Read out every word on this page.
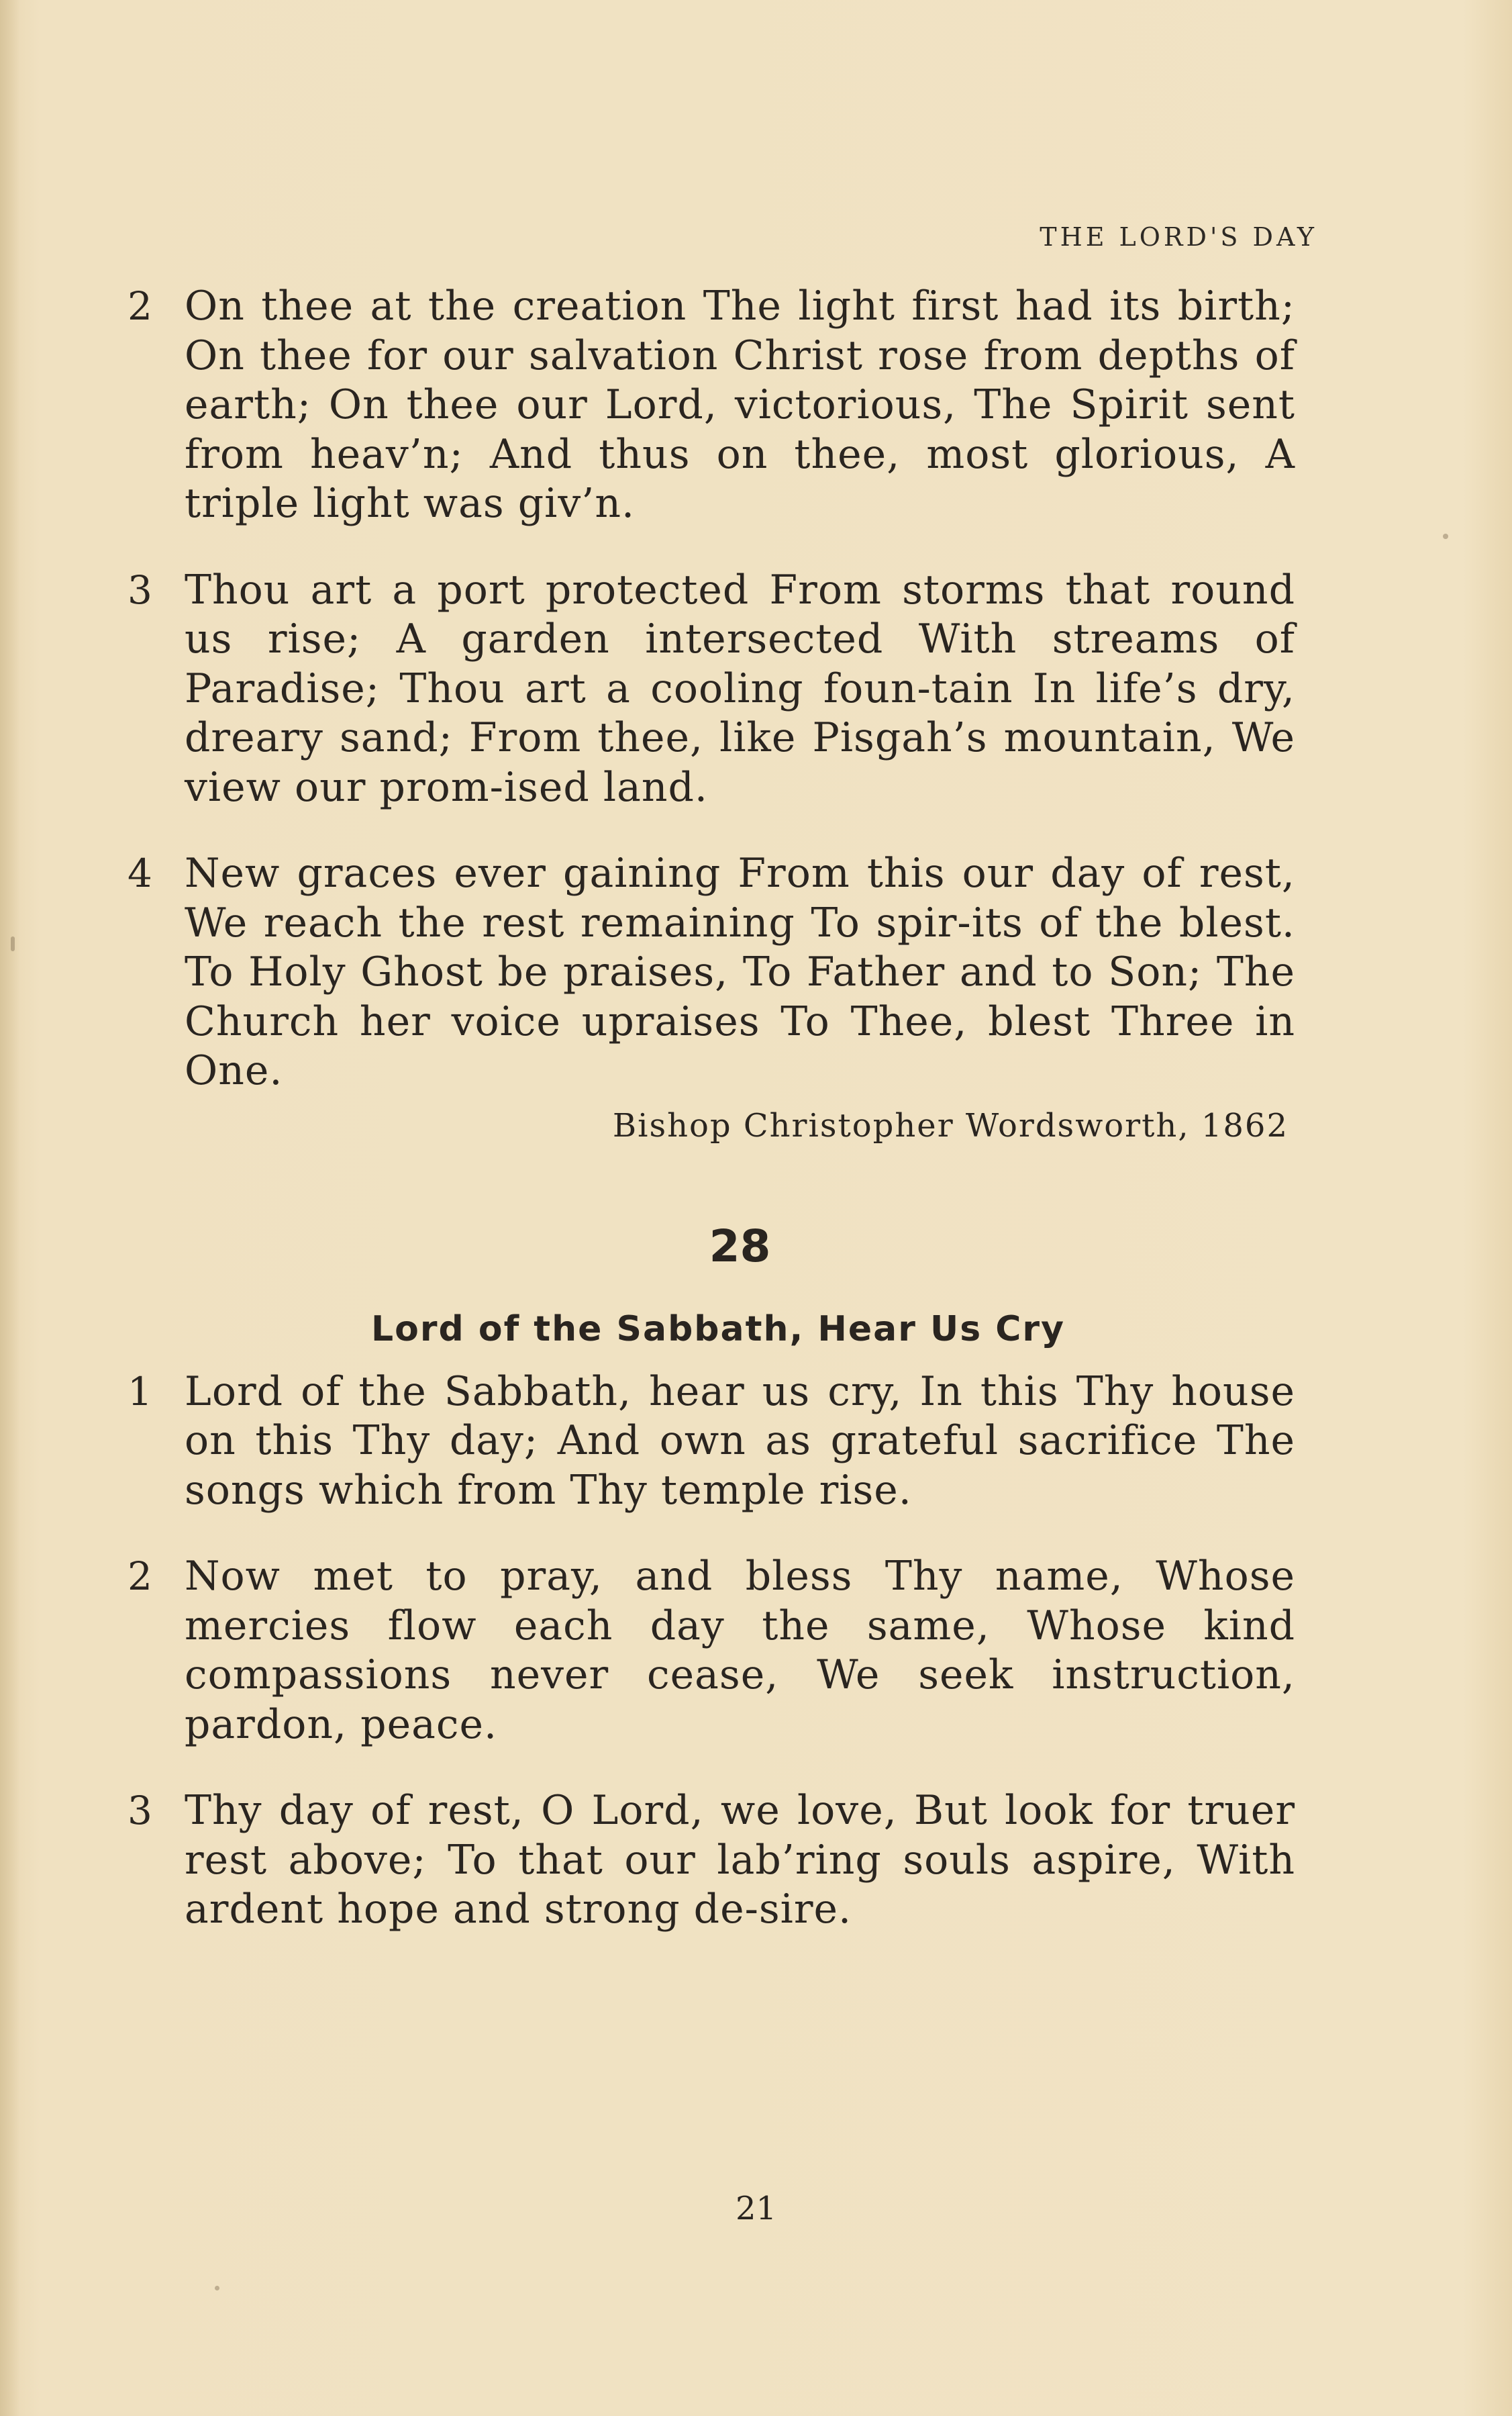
THE LORD'S DAY

2 On thee at the creation The light first had its birth; On thee for our salvation Christ rose from depths of earth; On thee our Lord, victorious, The Spirit sent from heav’n; And thus on thee, most glorious, A triple light was giv’n.

3 Thou art a port protected From storms that round us rise; A garden intersected With streams of Paradise; Thou art a cooling foun-tain In life’s dry, dreary sand; From thee, like Pisgah’s mountain, We view our prom-ised land.

4 New graces ever gaining From this our day of rest, We reach the rest remaining To spir-its of the blest. To Holy Ghost be praises, To Father and to Son; The Church her voice upraises To Thee, blest Three in One.

Bishop Christopher Wordsworth, 1862
28
Lord of the Sabbath, Hear Us Cry

1 Lord of the Sabbath, hear us cry, In this Thy house on this Thy day; And own as grateful sacrifice The songs which from Thy temple rise.

2 Now met to pray, and bless Thy name, Whose mercies flow each day the same, Whose kind compassions never cease, We seek instruction, pardon, peace.

3 Thy day of rest, O Lord, we love, But look for truer rest above; To that our lab’ring souls aspire, With ardent hope and strong de-sire.

21
